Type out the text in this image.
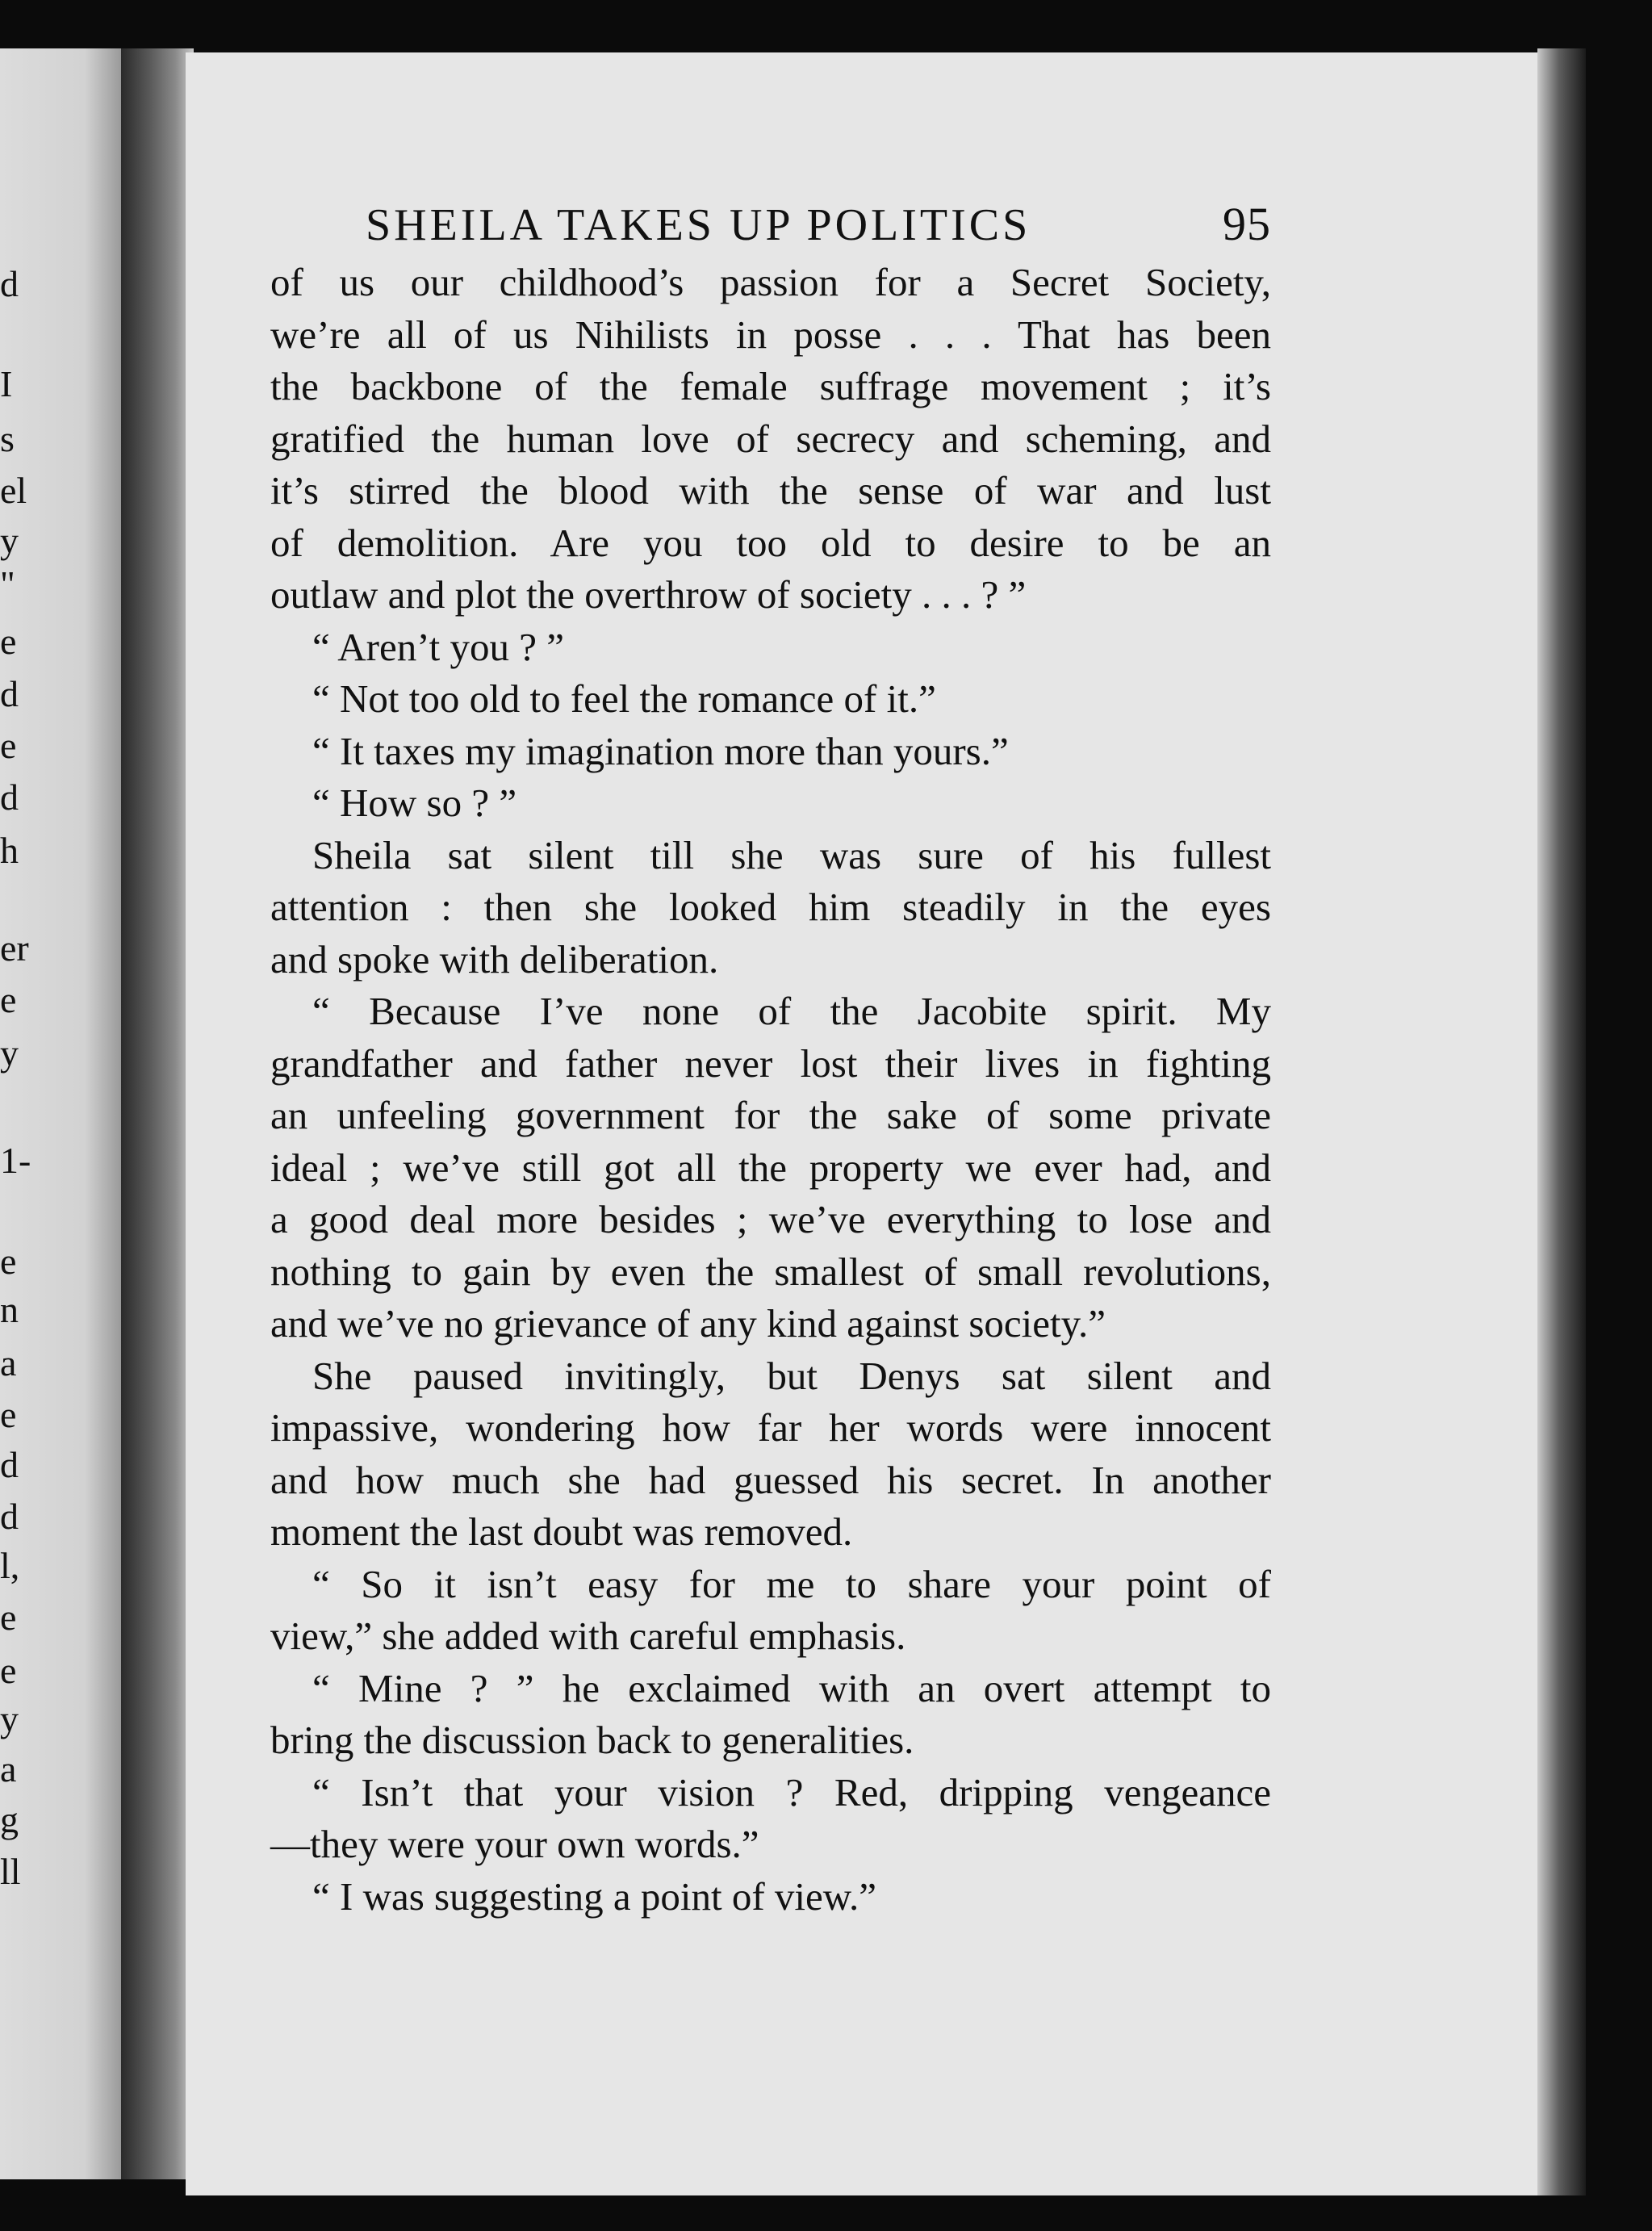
d
I
s
el
y
"
e
d
e
d
h
er
e
y
1-
e
n
a
e
d
d
l,
e
e
y
a
g
ll
SHEILA TAKES UP POLITICS	95
of us our childhood’s passion for a Secret Society,
we’re all of us Nihilists in posse . . . That has been
the backbone of the female suffrage movement ; it’s
gratified the human love of secrecy and scheming, and
it’s stirred the blood with the sense of war and lust
of demolition. Are you too old to desire to be an
outlaw and plot the overthrow of society . . . ? ”
“ Aren’t you ? ”
“ Not too old to feel the romance of it.”
“ It taxes my imagination more than yours.”
“ How so ? ”
Sheila sat silent till she was sure of his fullest
attention : then she looked him steadily in the eyes
and spoke with deliberation.
“ Because I’ve none of the Jacobite spirit. My
grandfather and father never lost their lives in fighting
an unfeeling government for the sake of some private
ideal ; we’ve still got all the property we ever had, and
a good deal more besides ; we’ve everything to lose and
nothing to gain by even the smallest of small revolutions,
and we’ve no grievance of any kind against society.”
She paused invitingly, but Denys sat silent and
impassive, wondering how far her words were innocent
and how much she had guessed his secret. In another
moment the last doubt was removed.
“ So it isn’t easy for me to share your point of
view,” she added with careful emphasis.
“ Mine ? ” he exclaimed with an overt attempt to
bring the discussion back to generalities.
“ Isn’t that your vision ? Red, dripping vengeance
—they were your own words.”
“ I was suggesting a point of view.”
